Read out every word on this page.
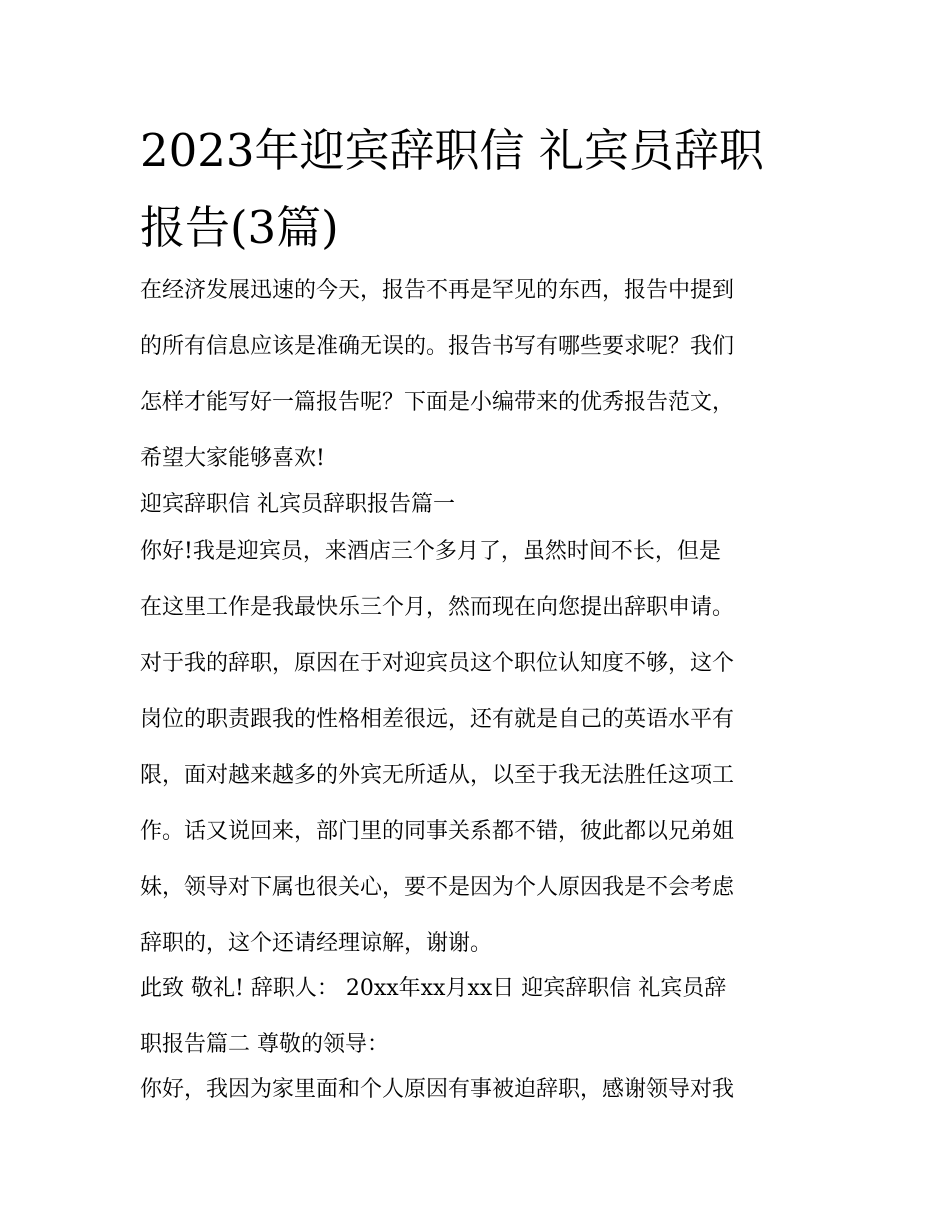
2023年迎宾辞职信 礼宾员辞职报告(3篇)
在经济发展迅速的今天，报告不再是罕见的东西，报告中提到
的所有信息应该是准确无误的。报告书写有哪些要求呢？我们
怎样才能写好一篇报告呢？下面是小编带来的优秀报告范文，
希望大家能够喜欢!
迎宾辞职信 礼宾员辞职报告篇一
你好!我是迎宾员，来酒店三个多月了，虽然时间不长，但是
在这里工作是我最快乐三个月，然而现在向您提出辞职申请。
对于我的辞职，原因在于对迎宾员这个职位认知度不够，这个
岗位的职责跟我的性格相差很远，还有就是自己的英语水平有
限，面对越来越多的外宾无所适从，以至于我无法胜任这项工
作。话又说回来，部门里的同事关系都不错，彼此都以兄弟姐
妹，领导对下属也很关心，要不是因为个人原因我是不会考虑
辞职的，这个还请经理谅解，谢谢。
此致 敬礼! 辞职人： 20xx年xx月xx日 迎宾辞职信 礼宾员辞
职报告篇二 尊敬的领导：
你好，我因为家里面和个人原因有事被迫辞职，感谢领导对我
